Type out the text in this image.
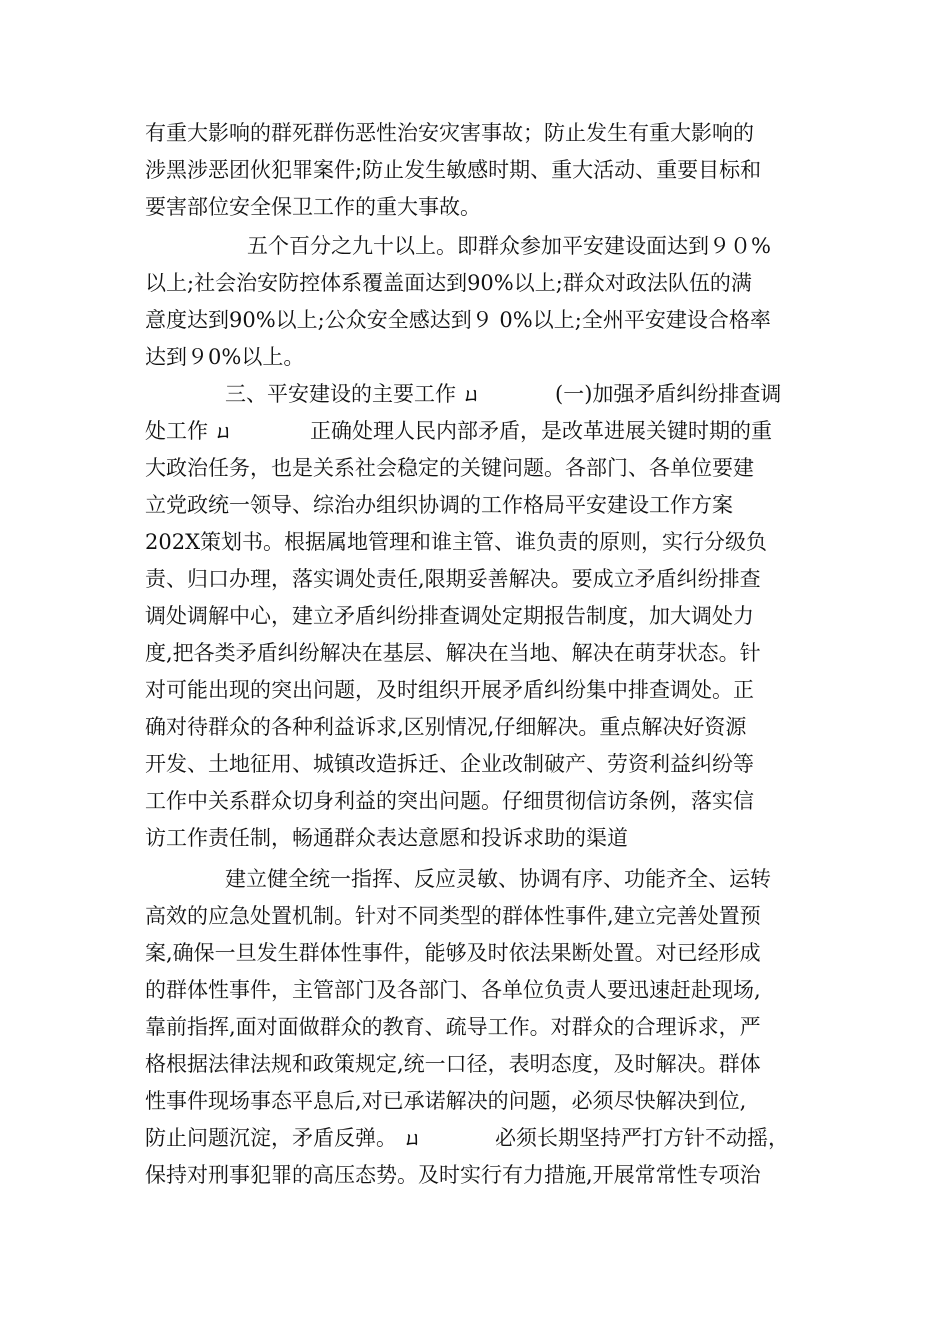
有重大影响的群死群伤恶性治安灾害事故；防止发生有重大影响的
涉黑涉恶团伙犯罪案件;防止发生敏感时期、重大活动、重要目标和
要害部位安全保卫工作的重大事故。
五个百分之九十以上。即群众参加平安建设面达到９０%
以上;社会治安防控体系覆盖面达到90%以上;群众对政法队伍的满
意度达到90%以上;公众安全感达到９ 0%以上;全州平安建设合格率
达到９0%以上。
三、平安建设的主要工作 ㄩ	(一)加强矛盾纠纷排查调
处工作 ㄩ	正确处理人民内部矛盾，是改革进展关键时期的重
大政治任务，也是关系社会稳定的关键问题。各部门、各单位要建
立党政统一领导、综治办组织协调的工作格局平安建设工作方案
202X策划书。根据属地管理和谁主管、谁负责的原则，实行分级负
责、归口办理，落实调处责任,限期妥善解决。要成立矛盾纠纷排查
调处调解中心，建立矛盾纠纷排查调处定期报告制度，加大调处力
度,把各类矛盾纠纷解决在基层、解决在当地、解决在萌芽状态。针
对可能出现的突出问题，及时组织开展矛盾纠纷集中排查调处。正
确对待群众的各种利益诉求,区别情况,仔细解决。重点解决好资源
开发、土地征用、城镇改造拆迁、企业改制破产、劳资利益纠纷等
工作中关系群众切身利益的突出问题。仔细贯彻信访条例，落实信
访工作责任制，畅通群众表达意愿和投诉求助的渠道
建立健全统一指挥、反应灵敏、协调有序、功能齐全、运转
高效的应急处置机制。针对不同类型的群体性事件,建立完善处置预
案,确保一旦发生群体性事件，能够及时依法果断处置。对已经形成
的群体性事件，主管部门及各部门、各单位负责人要迅速赶赴现场,
靠前指挥,面对面做群众的教育、疏导工作。对群众的合理诉求，严
格根据法律法规和政策规定,统一口径，表明态度，及时解决。群体
性事件现场事态平息后,对已承诺解决的问题，必须尽快解决到位,
防止问题沉淀，矛盾反弹。 ㄩ	必须长期坚持严打方针不动摇，
保持对刑事犯罪的高压态势。及时实行有力措施,开展常常性专项治
